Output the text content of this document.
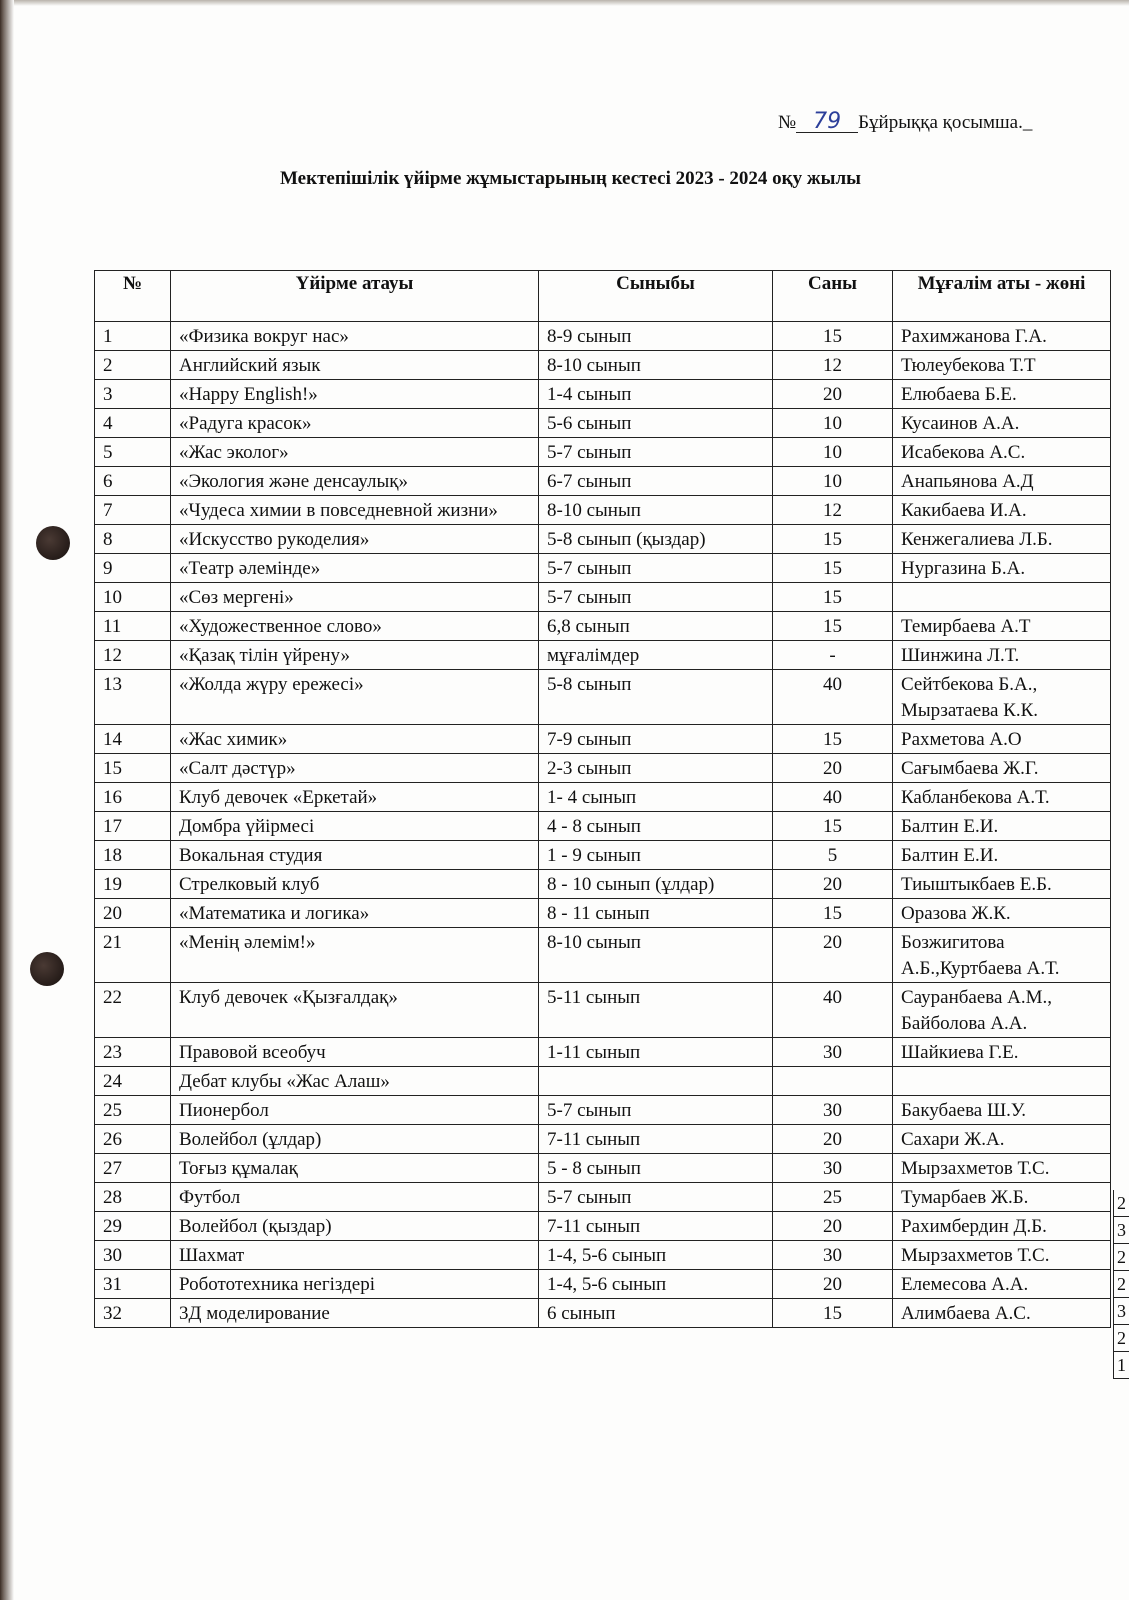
№ 79 Бұйрыққа қосымша._
Мектепішілік үйірме жұмыстарының кестесі 2023 - 2024 оқу жылы
№	Үйірме атауы	Сыныбы	Саны	Мұғалім аты - жөні
1	«Физика вокруг нас»	8-9 сынып	15	Рахимжанова Г.А.
2	Английский язык	8-10 сынып	12	Тюлеубекова Т.Т
3	«Happy English!»	1-4 сынып	20	Елюбаева Б.Е.
4	«Радуга красок»	5-6 сынып	10	Кусаинов А.А.
5	«Жас эколог»	5-7 сынып	10	Исабекова А.С.
6	«Экология және денсаулық»	6-7 сынып	10	Анапьянова А.Д
7	«Чудеса химии в повседневной жизни»	8-10 сынып	12	Какибаева И.А.
8	«Искусство рукоделия»	5-8 сынып (қыздар)	15	Кенжегалиева Л.Б.
9	«Театр әлемінде»	5-7 сынып	15	Нургазина Б.А.
10	«Сөз мергені»	5-7 сынып	15	
11	«Художественное слово»	6,8 сынып	15	Темирбаева А.Т
12	«Қазақ тілін үйрену»	мұғалімдер	-	Шинжина Л.Т.
13	«Жолда жүру ережесі»	5-8 сынып	40	Сейтбекова Б.А., Мырзатаева К.К.
14	«Жас химик»	7-9 сынып	15	Рахметова А.О
15	«Салт дәстүр»	2-3 сынып	20	Сағымбаева Ж.Г.
16	Клуб девочек «Еркетай»	1- 4 сынып	40	Кабланбекова А.Т.
17	Домбра үйірмесі	4 - 8 сынып	15	Балтин Е.И.
18	Вокальная студия	1 - 9 сынып	5	Балтин Е.И.
19	Стрелковый клуб	8 - 10 сынып (ұлдар)	20	Тиыштыкбаев Е.Б.
20	«Математика и логика»	8 - 11 сынып	15	Оразова Ж.К.
21	«Менің әлемім!»	8-10 сынып	20	Бозжигитова А.Б.,Куртбаева А.Т.
22	Клуб девочек «Қызғалдақ»	5-11 сынып	40	Сауранбаева А.М., Байболова А.А.
23	Правовой всеобуч	1-11 сынып	30	Шайкиева Г.Е.
24	Дебат клубы «Жас Алаш»			
25	Пионербол	5-7 сынып	30	Бакубаева Ш.У.
26	Волейбол (ұлдар)	7-11 сынып	20	Сахари Ж.А.
27	Тоғыз құмалақ	5 - 8 сынып	30	Мырзахметов Т.С.
28	Футбол	5-7 сынып	25	Тумарбаев Ж.Б.
29	Волейбол (қыздар)	7-11 сынып	20	Рахимбердин Д.Б.
30	Шахмат	1-4, 5-6 сынып	30	Мырзахметов Т.С.
31	Робототехника негіздері	1-4, 5-6 сынып	20	Елемесова А.А.
32	3Д моделирование	6 сынып	15	Алимбаева А.С.
2
3
2
2
3
2
1
